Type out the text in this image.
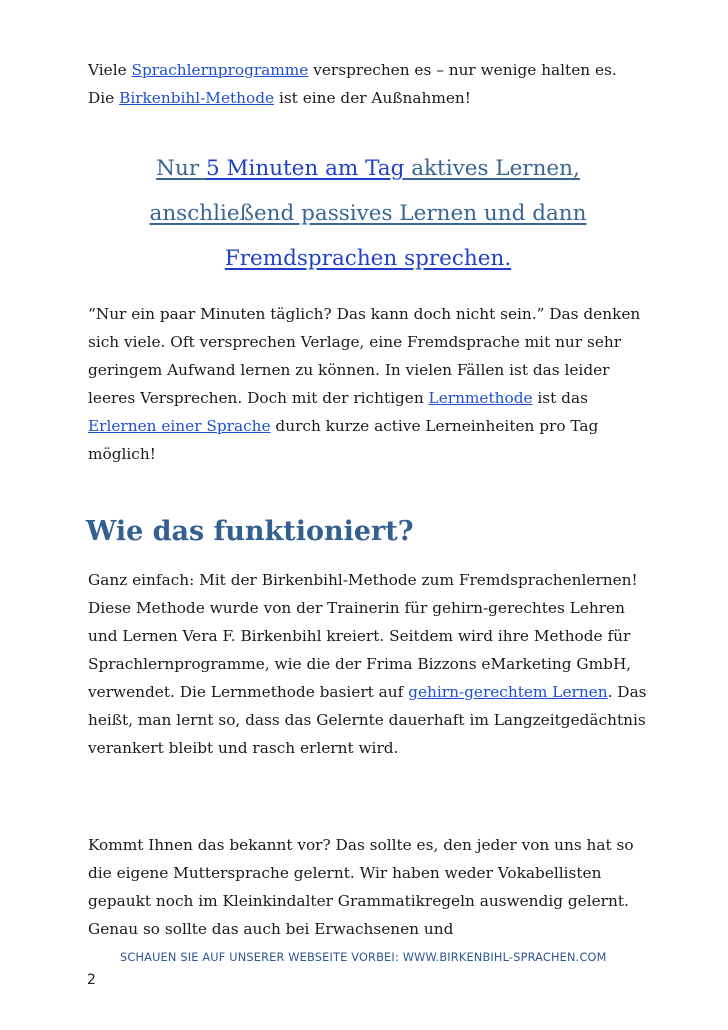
Viele Sprachlernprogramme versprechen es – nur wenige halten es.
Die Birkenbihl-Methode ist eine der Außnahmen!
Nur 5 Minuten am Tag aktives Lernen,
anschließend passives Lernen und dann
Fremdsprachen sprechen.
“Nur ein paar Minuten täglich? Das kann doch nicht sein.” Das denken sich viele. Oft versprechen Verlage, eine Fremdsprache mit nur sehr geringem Aufwand lernen zu können. In vielen Fällen ist das leider leeres Versprechen. Doch mit der richtigen Lernmethode ist das Erlernen einer Sprache durch kurze active Lerneinheiten pro Tag möglich!
Wie das funktioniert?
Ganz einfach: Mit der Birkenbihl-Methode zum Fremdsprachenlernen! Diese Methode wurde von der Trainerin für gehirn-gerechtes Lehren und Lernen Vera F. Birkenbihl kreiert. Seitdem wird ihre Methode für Sprachlernprogramme, wie die der Frima Bizzons eMarketing GmbH, verwendet. Die Lernmethode basiert auf gehirn-gerechtem Lernen. Das heißt, man lernt so, dass das Gelernte dauerhaft im Langzeitgedächtnis verankert bleibt und rasch erlernt wird.
Kommt Ihnen das bekannt vor? Das sollte es, den jeder von uns hat so die eigene Muttersprache gelernt. Wir haben weder Vokabellisten gepaukt noch im Kleinkindalter Grammatikregeln auswendig gelernt. Genau so sollte das auch bei Erwachsenen und
SCHAUEN SIE AUF UNSERER WEBSEITE VORBEI: WWW.BIRKENBIHL-SPRACHEN.COM
2
